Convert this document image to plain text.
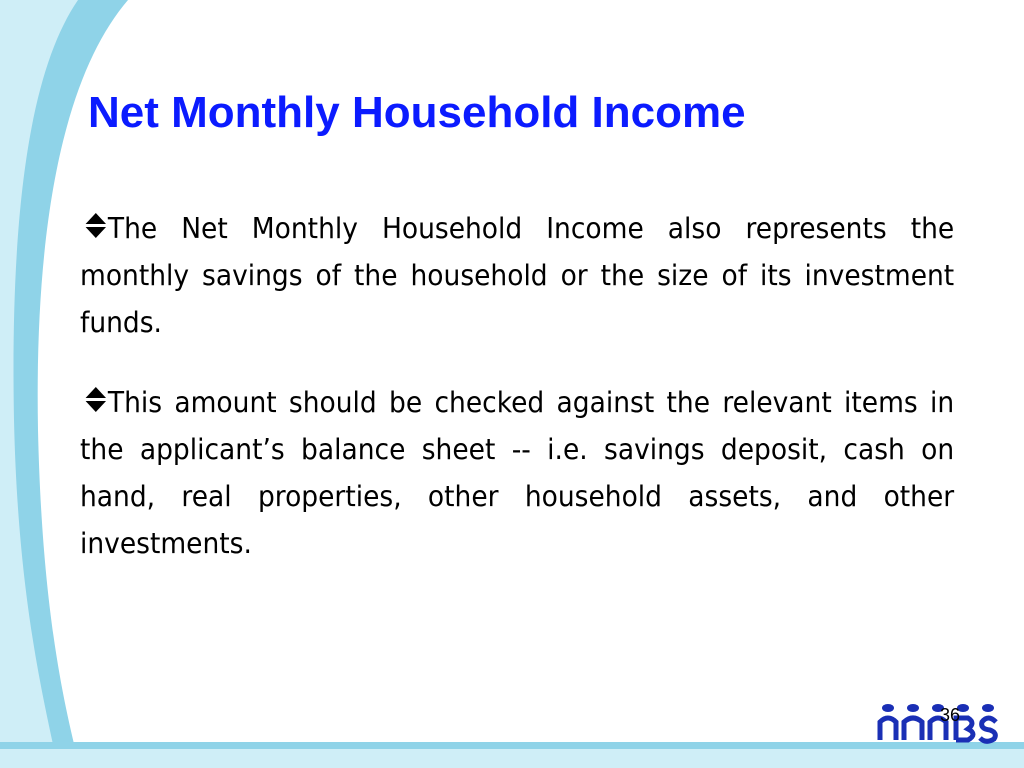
Net Monthly Household Income
The Net Monthly Household Income also represents the monthly savings of the household or the size of its investment funds.
This amount should be checked against the relevant items in the applicant’s balance sheet -- i.e. savings deposit, cash on hand, real properties, other household assets, and other investments.
36
